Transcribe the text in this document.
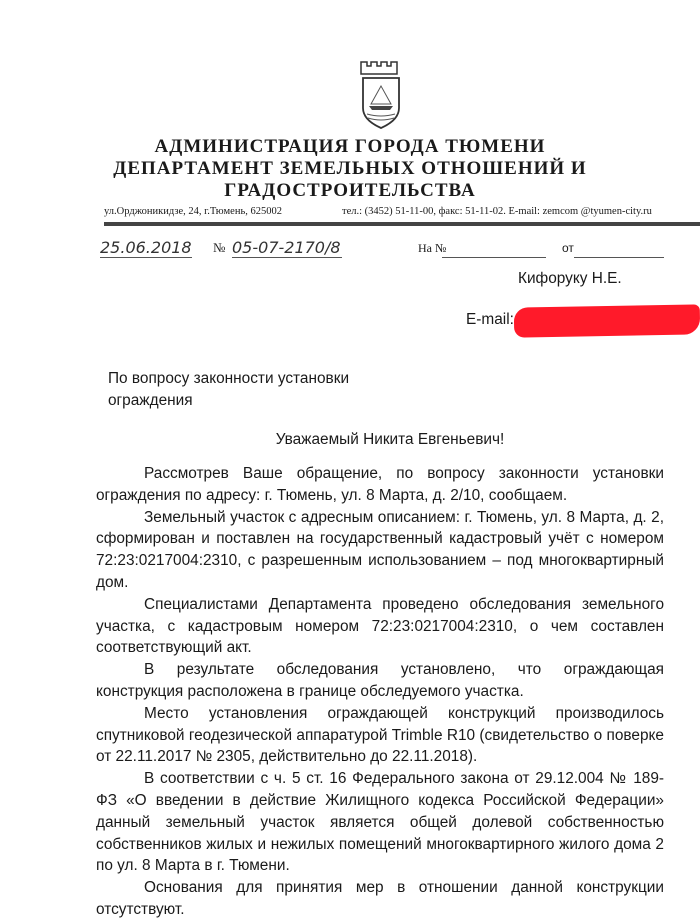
АДМИНИСТРАЦИЯ ГОРОДА ТЮМЕНИ
ДЕПАРТАМЕНТ ЗЕМЕЛЬНЫХ ОТНОШЕНИЙ И
ГРАДОСТРОИТЕЛЬСТВА
ул.Орджоникидзе, 24, г.Тюмень, 625002	тел.: (3452) 51-11-00, факс: 51-11-02. E-mail: zemcom @tyumen-city.ru
25.06.2018 № 05-07-2170/8	На №	от
Кифоруку Н.Е.
E-mail:
По вопросу законности установки
ограждения
Уважаемый Никита Евгеньевич!

Рассмотрев Ваше обращение, по вопросу законности установки ограждения по адресу: г. Тюмень, ул. 8 Марта, д. 2/10, сообщаем.

Земельный участок с адресным описанием: г. Тюмень, ул. 8 Марта, д. 2, сформирован и поставлен на государственный кадастровый учёт с номером 72:23:0217004:2310, с разрешенным использованием – под многоквартирный дом.

Специалистами Департамента проведено обследования земельного участка, с кадастровым номером 72:23:0217004:2310, о чем составлен соответствующий акт.

В результате обследования установлено, что ограждающая конструкция расположена в границе обследуемого участка.

Место установления ограждающей конструкций производилось спутниковой геодезической аппаратурой Trimble R10 (свидетельство о поверке от 22.11.2017 № 2305, действительно до 22.11.2018).

В соответствии с ч. 5 ст. 16 Федерального закона от 29.12.004 № 189-ФЗ «О введении в действие Жилищного кодекса Российской Федерации» данный земельный участок является общей долевой собственностью собственников жилых и нежилых помещений многоквартирного жилого дома 2 по ул. 8 Марта в г. Тюмени.

Основания для принятия мер в отношении данной конструкции отсутствуют.
